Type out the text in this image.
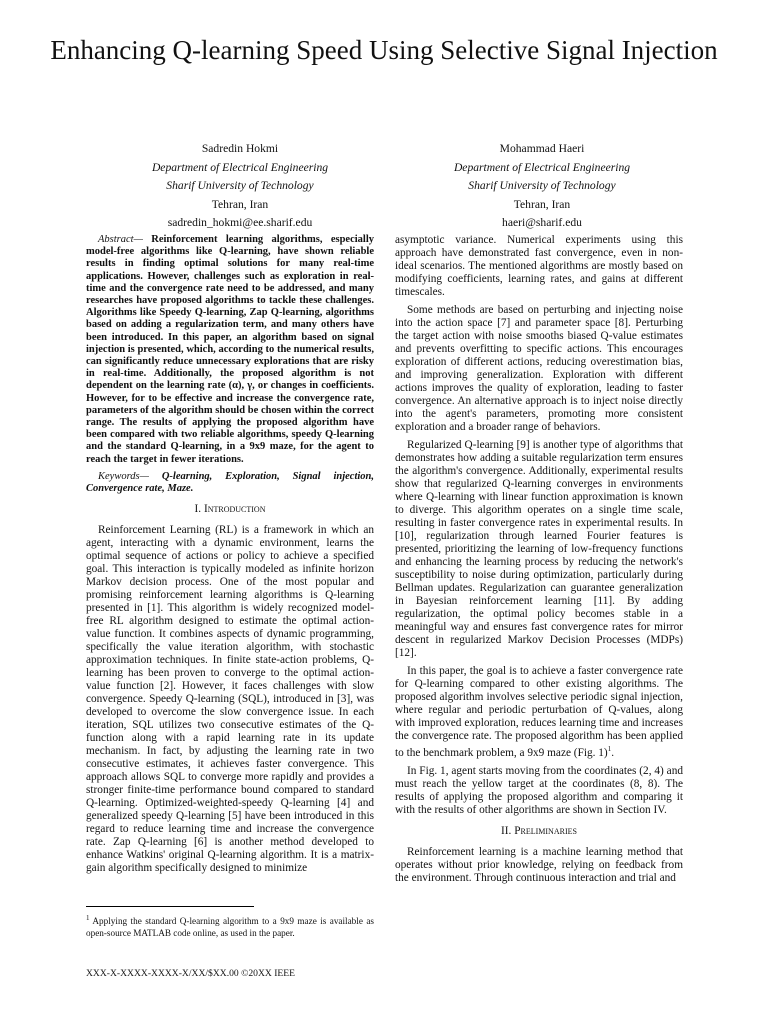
Enhancing Q-learning Speed Using Selective Signal Injection
Sadredin Hokmi
Department of Electrical Engineering
Sharif University of Technology
Tehran, Iran
sadredin_hokmi@ee.sharif.edu
Mohammad Haeri
Department of Electrical Engineering
Sharif University of Technology
Tehran, Iran
haeri@sharif.edu

Abstract— Reinforcement learning algorithms, especially model-free algorithms like Q-learning, have shown reliable results in finding optimal solutions for many real-time applications. However, challenges such as exploration in real-time and the convergence rate need to be addressed, and many researches have proposed algorithms to tackle these challenges. Algorithms like Speedy Q-learning, Zap Q-learning, algorithms based on adding a regularization term, and many others have been introduced. In this paper, an algorithm based on signal injection is presented, which, according to the numerical results, can significantly reduce unnecessary explorations that are risky in real-time. Additionally, the proposed algorithm is not dependent on the learning rate (α), γ, or changes in coefficients. However, for to be effective and increase the convergence rate, parameters of the algorithm should be chosen within the correct range. The results of applying the proposed algorithm have been compared with two reliable algorithms, speedy Q-learning and the standard Q-learning, in a 9x9 maze, for the agent to reach the target in fewer iterations.

Keywords— Q-learning, Exploration, Signal injection, Convergence rate, Maze.

I. Introduction

Reinforcement Learning (RL) is a framework in which an agent, interacting with a dynamic environment, learns the optimal sequence of actions or policy to achieve a specified goal. This interaction is typically modeled as infinite horizon Markov decision process. One of the most popular and promising reinforcement learning algorithms is Q-learning presented in [1]. This algorithm is widely recognized model-free RL algorithm designed to estimate the optimal action-value function. It combines aspects of dynamic programming, specifically the value iteration algorithm, with stochastic approximation techniques. In finite state-action problems, Q-learning has been proven to converge to the optimal action-value function [2]. However, it faces challenges with slow convergence. Speedy Q-learning (SQL), introduced in [3], was developed to overcome the slow convergence issue. In each iteration, SQL utilizes two consecutive estimates of the Q-function along with a rapid learning rate in its update mechanism. In fact, by adjusting the learning rate in two consecutive estimates, it achieves faster convergence. This approach allows SQL to converge more rapidly and provides a stronger finite-time performance bound compared to standard Q-learning. Optimized-weighted-speedy Q-learning [4] and generalized speedy Q-learning [5] have been introduced in this regard to reduce learning time and increase the convergence rate. Zap Q-learning [6] is another method developed to enhance Watkins' original Q-learning algorithm. It is a matrix-gain algorithm specifically designed to minimize

asymptotic variance. Numerical experiments using this approach have demonstrated fast convergence, even in non-ideal scenarios. The mentioned algorithms are mostly based on modifying coefficients, learning rates, and gains at different timescales.

Some methods are based on perturbing and injecting noise into the action space [7] and parameter space [8]. Perturbing the target action with noise smooths biased Q-value estimates and prevents overfitting to specific actions. This encourages exploration of different actions, reducing overestimation bias, and improving generalization. Exploration with different actions improves the quality of exploration, leading to faster convergence. An alternative approach is to inject noise directly into the agent's parameters, promoting more consistent exploration and a broader range of behaviors.

Regularized Q-learning [9] is another type of algorithms that demonstrates how adding a suitable regularization term ensures the algorithm's convergence. Additionally, experimental results show that regularized Q-learning converges in environments where Q-learning with linear function approximation is known to diverge. This algorithm operates on a single time scale, resulting in faster convergence rates in experimental results. In [10], regularization through learned Fourier features is presented, prioritizing the learning of low-frequency functions and enhancing the learning process by reducing the network's susceptibility to noise during optimization, particularly during Bellman updates. Regularization can guarantee generalization in Bayesian reinforcement learning [11]. By adding regularization, the optimal policy becomes stable in a meaningful way and ensures fast convergence rates for mirror descent in regularized Markov Decision Processes (MDPs) [12].

In this paper, the goal is to achieve a faster convergence rate for Q-learning compared to other existing algorithms. The proposed algorithm involves selective periodic signal injection, where regular and periodic perturbation of Q-values, along with improved exploration, reduces learning time and increases the convergence rate. The proposed algorithm has been applied to the benchmark problem, a 9x9 maze (Fig. 1)$^1$.

In Fig. 1, agent starts moving from the coordinates (2, 4) and must reach the yellow target at the coordinates (8, 8). The results of applying the proposed algorithm and comparing it with the results of other algorithms are shown in Section IV.

II. Preliminaries

Reinforcement learning is a machine learning method that operates without prior knowledge, relying on feedback from the environment. Through continuous interaction and trial and

$^1$ Applying the standard Q-learning algorithm to a 9x9 maze is available as open-source MATLAB code online, as used in the paper.
XXX-X-XXXX-XXXX-X/XX/$XX.00 ©20XX IEEE
